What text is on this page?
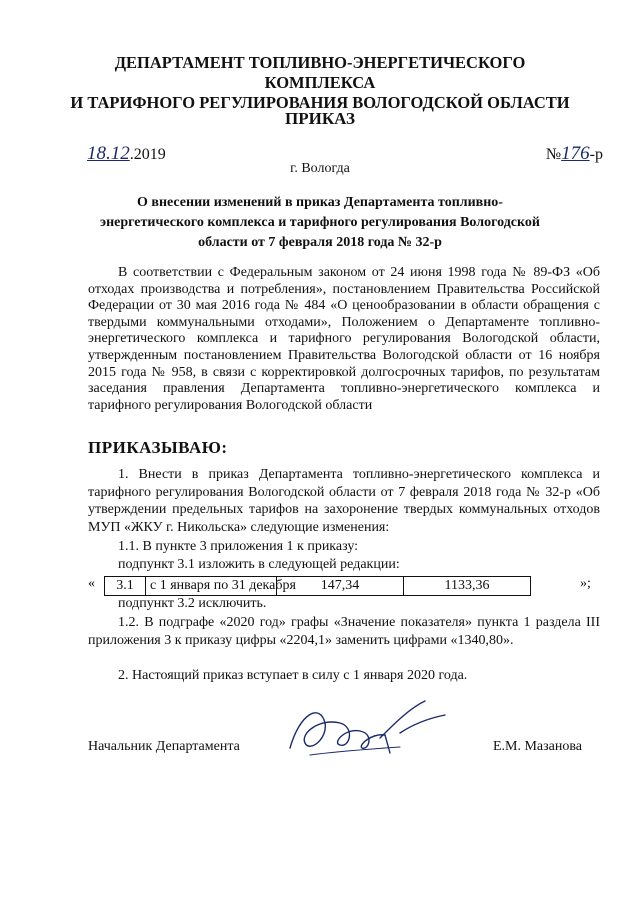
ДЕПАРТАМЕНТ ТОПЛИВНО-ЭНЕРГЕТИЧЕСКОГО КОМПЛЕКСА
И ТАРИФНОГО РЕГУЛИРОВАНИЯ ВОЛОГОДСКОЙ ОБЛАСТИ
ПРИКАЗ
18.12.2019	№176-р
г. Вологда
О внесении изменений в приказ Департамента топливно-
энергетического комплекса и тарифного регулирования Вологодской
области от 7 февраля 2018 года № 32-р
В соответствии с Федеральным законом от 24 июня 1998 года № 89-ФЗ «Об отходах производства и потребления», постановлением Правительства Российской Федерации от 30 мая 2016 года № 484 «О ценообразовании в области обращения с твердыми коммунальными отходами», Положением о Департаменте топливно-энергетического комплекса и тарифного регулирования Вологодской области, утвержденным постановлением Правительства Вологодской области от 16 ноября 2015 года № 958, в связи с корректировкой долгосрочных тарифов, по результатам заседания правления Департамента топливно-энергетического комплекса и тарифного регулирования Вологодской области
ПРИКАЗЫВАЮ:
1. Внести в приказ Департамента топливно-энергетического комплекса и тарифного регулирования Вологодской области от 7 февраля 2018 года № 32-р «Об утверждении предельных тарифов на захоронение твердых коммунальных отходов МУП «ЖКУ г. Никольска» следующие изменения:
1.1. В пункте 3 приложения 1 к приказу:
подпункт 3.1 изложить в следующей редакции:
«	3.1	с 1 января по 31 декабря	147,34	1133,36	»;
подпункт 3.2 исключить.
1.2. В подграфе «2020 год» графы «Значение показателя» пункта 1 раздела III приложения 3 к приказу цифры «2204,1» заменить цифрами «1340,80».
2. Настоящий приказ вступает в силу с 1 января 2020 года.
Начальник Департамента	Е.М. Мазанова
